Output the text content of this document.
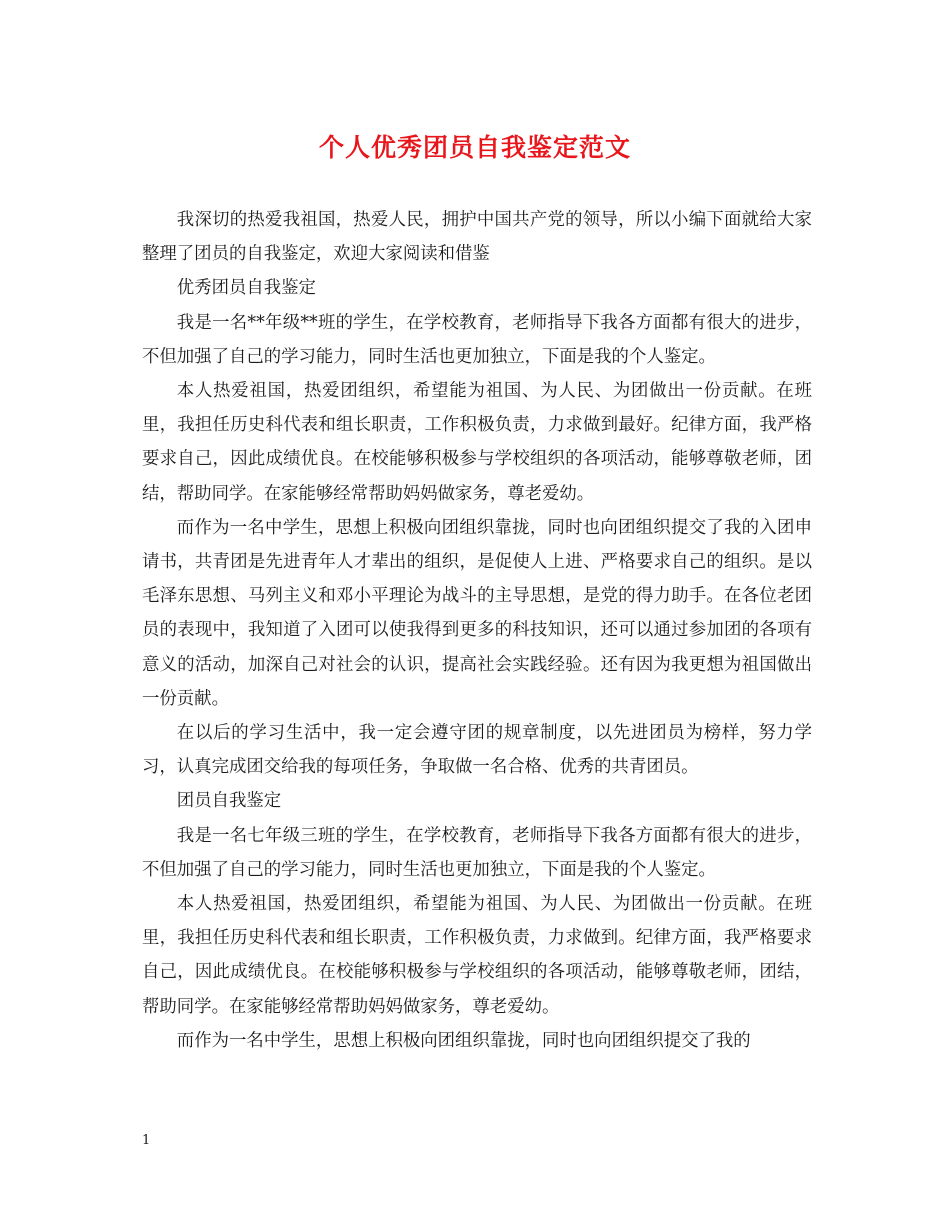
个人优秀团员自我鉴定范文

我深切的热爱我祖国，热爱人民，拥护中国共产党的领导，所以小编下面就给大家整理了团员的自我鉴定，欢迎大家阅读和借鉴

优秀团员自我鉴定

我是一名**年级**班的学生，在学校教育，老师指导下我各方面都有很大的进步，不但加强了自己的学习能力，同时生活也更加独立，下面是我的个人鉴定。

本人热爱祖国，热爱团组织，希望能为祖国、为人民、为团做出一份贡献。在班里，我担任历史科代表和组长职责，工作积极负责，力求做到最好。纪律方面，我严格要求自己，因此成绩优良。在校能够积极参与学校组织的各项活动，能够尊敬老师，团结，帮助同学。在家能够经常帮助妈妈做家务，尊老爱幼。

而作为一名中学生，思想上积极向团组织靠拢，同时也向团组织提交了我的入团申请书，共青团是先进青年人才辈出的组织，是促使人上进、严格要求自己的组织。是以毛泽东思想、马列主义和邓小平理论为战斗的主导思想，是党的得力助手。在各位老团员的表现中，我知道了入团可以使我得到更多的科技知识，还可以通过参加团的各项有意义的活动，加深自己对社会的认识，提高社会实践经验。还有因为我更想为祖国做出一份贡献。

在以后的学习生活中，我一定会遵守团的规章制度，以先进团员为榜样，努力学习，认真完成团交给我的每项任务，争取做一名合格、优秀的共青团员。

团员自我鉴定

我是一名七年级三班的学生，在学校教育，老师指导下我各方面都有很大的进步，不但加强了自己的学习能力，同时生活也更加独立，下面是我的个人鉴定。

本人热爱祖国，热爱团组织，希望能为祖国、为人民、为团做出一份贡献。在班里，我担任历史科代表和组长职责，工作积极负责，力求做到。纪律方面，我严格要求自己，因此成绩优良。在校能够积极参与学校组织的各项活动，能够尊敬老师，团结，帮助同学。在家能够经常帮助妈妈做家务，尊老爱幼。

而作为一名中学生，思想上积极向团组织靠拢，同时也向团组织提交了我的

1
